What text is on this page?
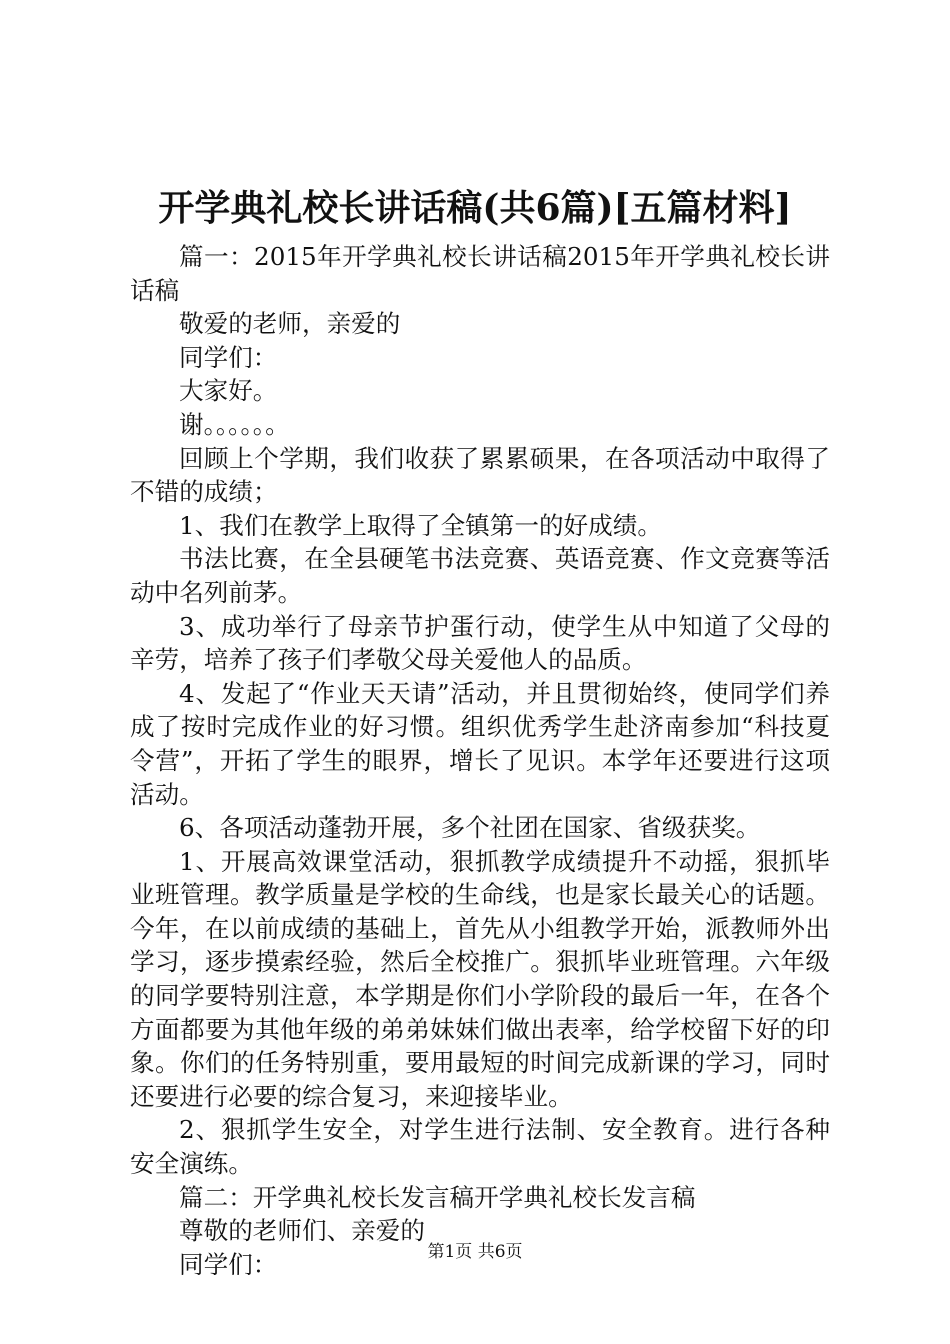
开学典礼校长讲话稿(共6篇)[五篇材料]

篇一：2015年开学典礼校长讲话稿2015年开学典礼校长讲话稿

敬爱的老师，亲爱的

同学们：

大家好。

谢。。。。。。

回顾上个学期，我们收获了累累硕果，在各项活动中取得了不错的成绩；

1、我们在教学上取得了全镇第一的好成绩。

书法比赛，在全县硬笔书法竞赛、英语竞赛、作文竞赛等活动中名列前茅。

3、成功举行了母亲节护蛋行动，使学生从中知道了父母的辛劳，培养了孩子们孝敬父母关爱他人的品质。

4、发起了“作业天天请”活动，并且贯彻始终，使同学们养成了按时完成作业的好习惯。组织优秀学生赴济南参加“科技夏令营”，开拓了学生的眼界，增长了见识。本学年还要进行这项活动。

6、各项活动蓬勃开展，多个社团在国家、省级获奖。

1、开展高效课堂活动，狠抓教学成绩提升不动摇，狠抓毕业班管理。教学质量是学校的生命线，也是家长最关心的话题。今年，在以前成绩的基础上，首先从小组教学开始，派教师外出学习，逐步摸索经验，然后全校推广。狠抓毕业班管理。六年级的同学要特别注意，本学期是你们小学阶段的最后一年，在各个方面都要为其他年级的弟弟妹妹们做出表率，给学校留下好的印象。你们的任务特别重，要用最短的时间完成新课的学习，同时还要进行必要的综合复习，来迎接毕业。

2、狠抓学生安全，对学生进行法制、安全教育。进行各种安全演练。

篇二：开学典礼校长发言稿开学典礼校长发言稿

尊敬的老师们、亲爱的

同学们：	第1页 共6页
